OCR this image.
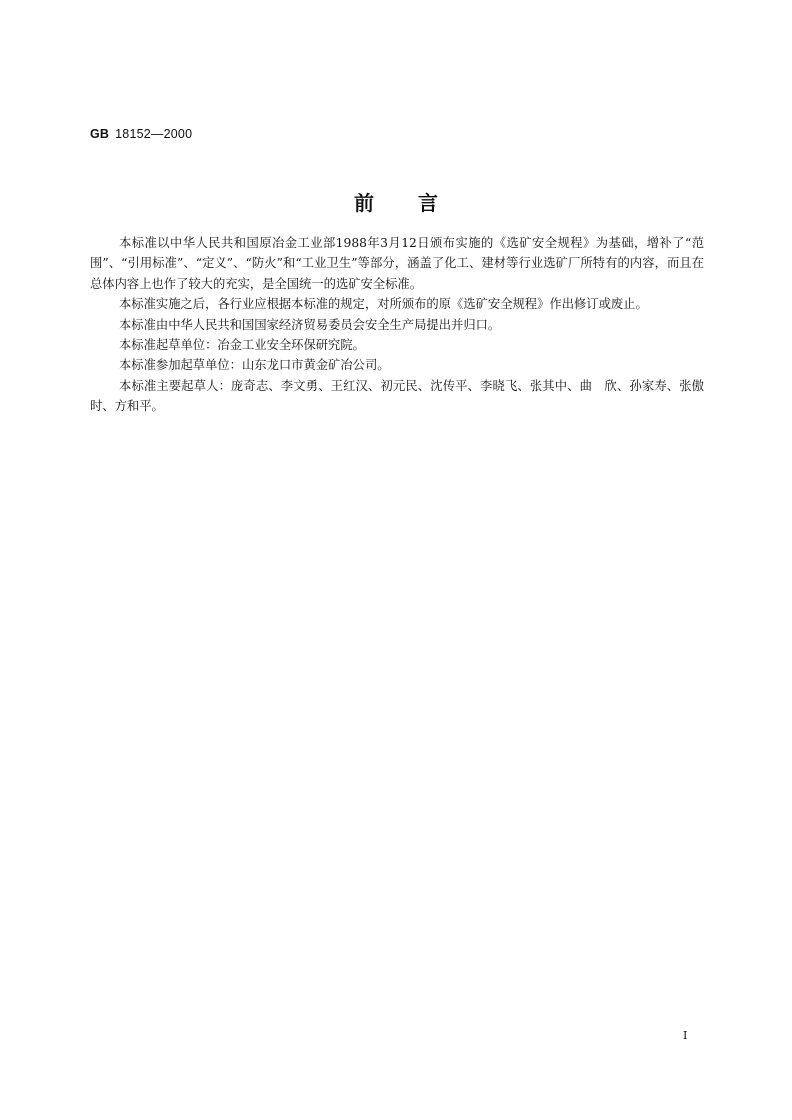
GB 18152—2000
前言

本标准以中华人民共和国原冶金工业部1988年3月12日颁布实施的《选矿安全规程》为基础，增补了“范围”、“引用标准”、“定义”、“防火”和“工业卫生”等部分，涵盖了化工、建材等行业选矿厂所特有的内容，而且在总体内容上也作了较大的充实，是全国统一的选矿安全标准。

本标准实施之后，各行业应根据本标准的规定，对所颁布的原《选矿安全规程》作出修订或废止。

本标准由中华人民共和国国家经济贸易委员会安全生产局提出并归口。

本标准起草单位：冶金工业安全环保研究院。

本标准参加起草单位：山东龙口市黄金矿冶公司。

本标准主要起草人：庞奇志、李文勇、王红汉、初元民、沈传平、李晓飞、张其中、曲　欣、孙家寿、张傲时、方和平。

I
